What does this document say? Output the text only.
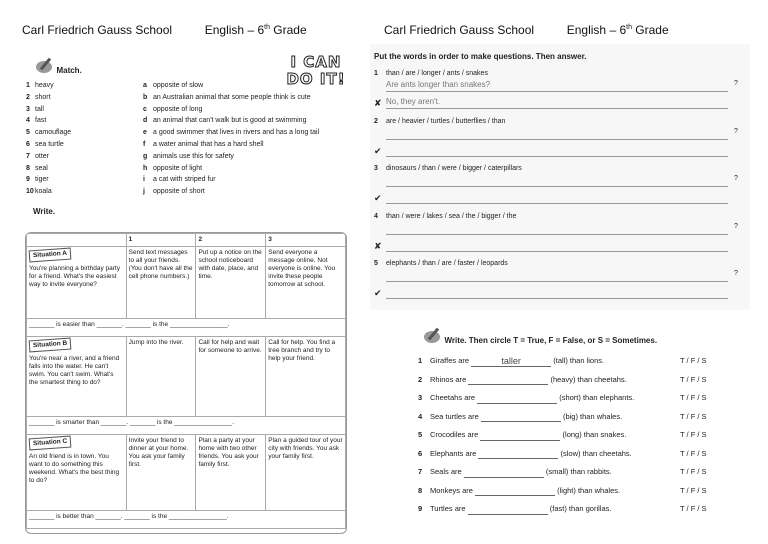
Carl Friedrich Gauss School	English – 6th Grade
I CAN
DO IT!
Match.
1 heavy	a opposite of slow
2 short	b an Australian animal that some people think is cute
3 tall	c opposite of long
4 fast	d an animal that can't walk but is good at swimming
5 camouflage	e a good swimmer that lives in rivers and has a long tail
6 sea turtle	f a water animal that has a hard shell
7 otter	g animals use this for safety
8 seal	h opposite of light
9 tiger	i a cat with striped fur
10koala	j opposite of short
Write.
	1	2	3
Situation A
You're planning a birthday party for a friend. What's the easiest way to invite everyone?	Send text messages to all your friends. (You don't have all the cell phone numbers.)	Put up a notice on the school noticeboard with date, place, and time.	Send everyone a message online. Not everyone is online. You invite these people tomorrow at school.
_______ is easier than _______. _______ is the ________________.			
Situation B
You're near a river, and a friend falls into the water. He can't swim. You can't swim. What's the smartest thing to do?	Jump into the river.	Call for help and wait for someone to arrive.	Call for help. You find a tree branch and try to help your friend.
_______ is smarter than _______. _______ is the ________________.			
Situation C
An old friend is in town. You want to do something this weekend. What's the best thing to do?	Invite your friend to dinner at your home. You ask your family first.	Plan a party at your home with two other friends. You ask your family first.	Plan a guided tour of your city with friends. You ask your family first.
_______ is better than _______. _______ is the ________________.			
Carl Friedrich Gauss School	English – 6th Grade
Put the words in order to make questions. Then answer.
1 than / are / longer / ants / snakes
Are ants longer than snakes?	?
✘ No, they aren't.
2 are / heavier / turtles / butterflies / than
?
✔
3 dinosaurs / than / were / bigger / caterpillars
?
✔
4 than / were / lakes / sea / the / bigger / the
?
✘
5 elephants / than / are / faster / leopards
?
✔
Write. Then circle T = True, F = False, or S = Sometimes.
1 Giraffes are	taller	(tall) than lions.	T / F / S
2 Rhinos are	(heavy) than cheetahs.	T / F / S
3 Cheetahs are	(short) than elephants.	T / F / S
4 Sea turtles are	(big) than whales.	T / F / S
5 Crocodiles are	(long) than snakes.	T / F / S
6 Elephants are	(slow) than cheetahs.	T / F / S
7 Seals are	(small) than rabbits.	T / F / S
8 Monkeys are	(light) than whales.	T / F / S
9 Turtles are	(fast) than gorillas.	T / F / S
